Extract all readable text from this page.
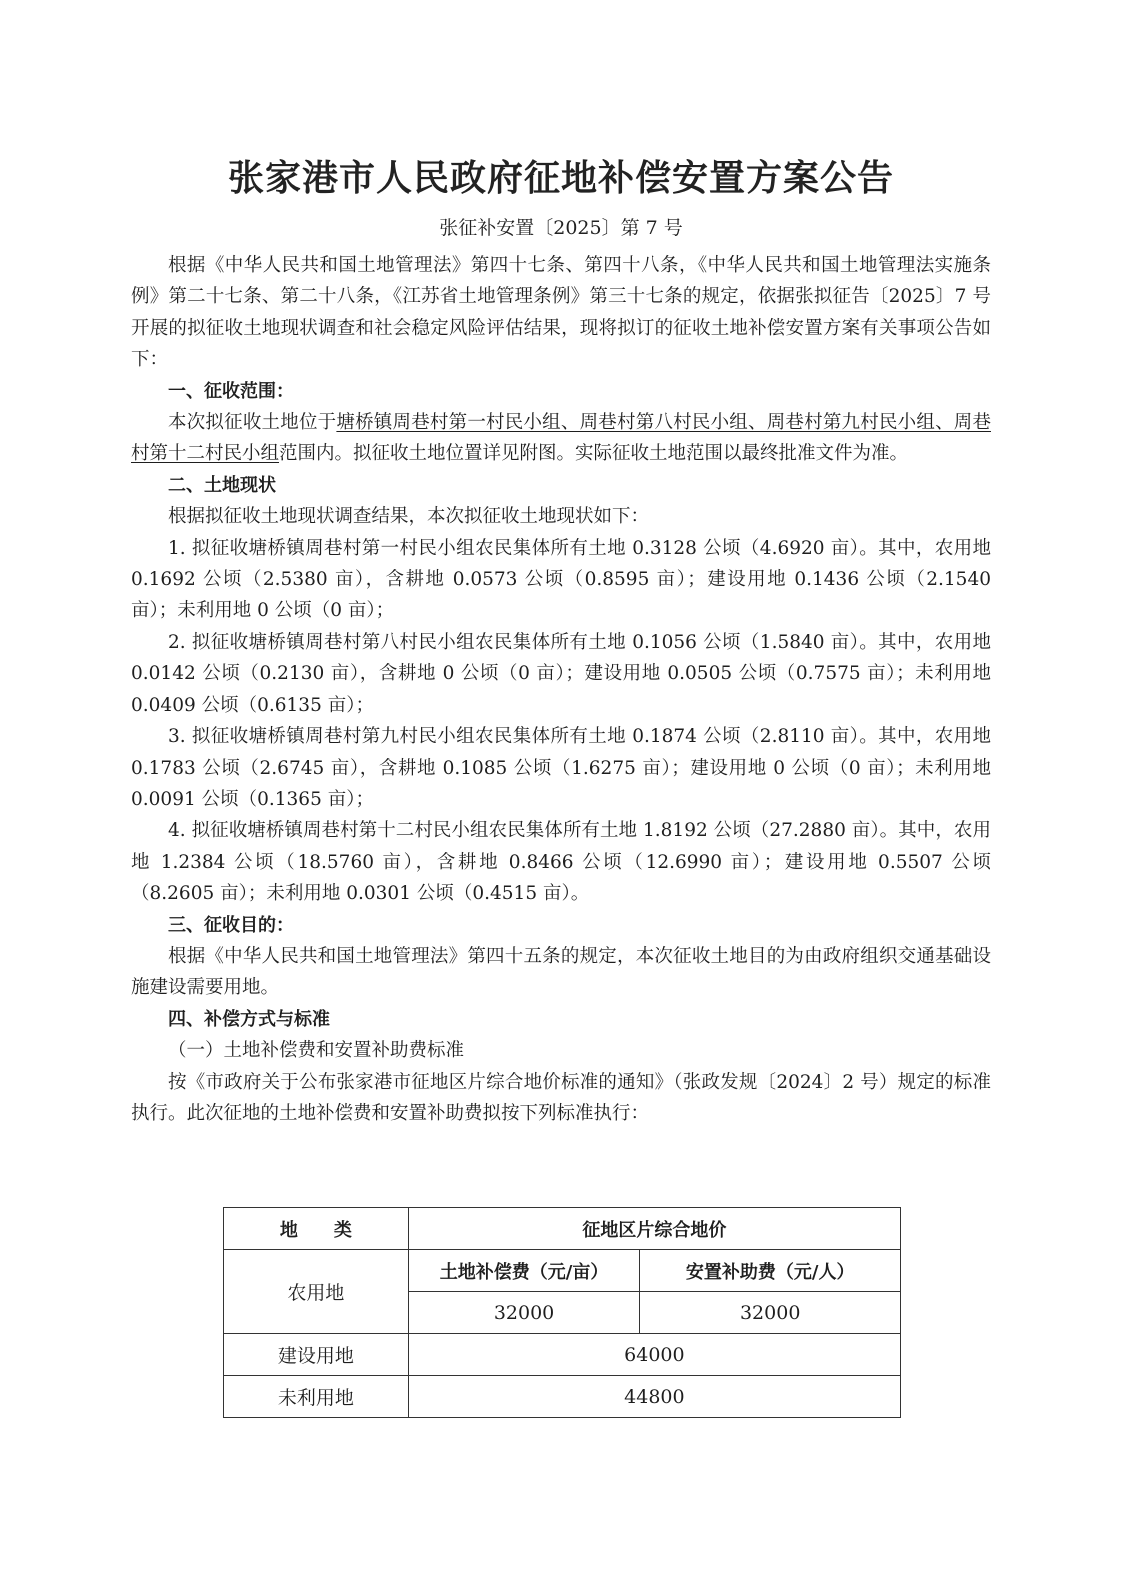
张家港市人民政府征地补偿安置方案公告
张征补安置〔2025〕第 7 号

根据《中华人民共和国土地管理法》第四十七条、第四十八条，《中华人民共和国土地管理法实施条例》第二十七条、第二十八条，《江苏省土地管理条例》第三十七条的规定，依据张拟征告〔2025〕7 号开展的拟征收土地现状调查和社会稳定风险评估结果，现将拟订的征收土地补偿安置方案有关事项公告如下：

一、征收范围：

本次拟征收土地位于塘桥镇周巷村第一村民小组、周巷村第八村民小组、周巷村第九村民小组、周巷村第十二村民小组范围内。拟征收土地位置详见附图。实际征收土地范围以最终批准文件为准。

二、土地现状

根据拟征收土地现状调查结果，本次拟征收土地现状如下：

1. 拟征收塘桥镇周巷村第一村民小组农民集体所有土地 0.3128 公顷（4.6920 亩）。其中，农用地 0.1692 公顷（2.5380 亩），含耕地 0.0573 公顷（0.8595 亩）；建设用地 0.1436 公顷（2.1540 亩）；未利用地 0 公顷（0 亩）；

2. 拟征收塘桥镇周巷村第八村民小组农民集体所有土地 0.1056 公顷（1.5840 亩）。其中，农用地 0.0142 公顷（0.2130 亩），含耕地 0 公顷（0 亩）；建设用地 0.0505 公顷（0.7575 亩）；未利用地 0.0409 公顷（0.6135 亩）；

3. 拟征收塘桥镇周巷村第九村民小组农民集体所有土地 0.1874 公顷（2.8110 亩）。其中，农用地 0.1783 公顷（2.6745 亩），含耕地 0.1085 公顷（1.6275 亩）；建设用地 0 公顷（0 亩）；未利用地 0.0091 公顷（0.1365 亩）；

4. 拟征收塘桥镇周巷村第十二村民小组农民集体所有土地 1.8192 公顷（27.2880 亩）。其中，农用地 1.2384 公顷（18.5760 亩），含耕地 0.8466 公顷（12.6990 亩）；建设用地 0.5507 公顷（8.2605 亩）；未利用地 0.0301 公顷（0.4515 亩）。

三、征收目的：

根据《中华人民共和国土地管理法》第四十五条的规定，本次征收土地目的为由政府组织交通基础设施建设需要用地。

四、补偿方式与标准

（一）土地补偿费和安置补助费标准

按《市政府关于公布张家港市征地区片综合地价标准的通知》（张政发规〔2024〕2 号）规定的标准执行。此次征地的土地补偿费和安置补助费拟按下列标准执行：

地　　类	征地区片综合地价	
农用地	土地补偿费（元/亩）	安置补助费（元/人）
	32000	32000
建设用地	64000	
未利用地	44800	
